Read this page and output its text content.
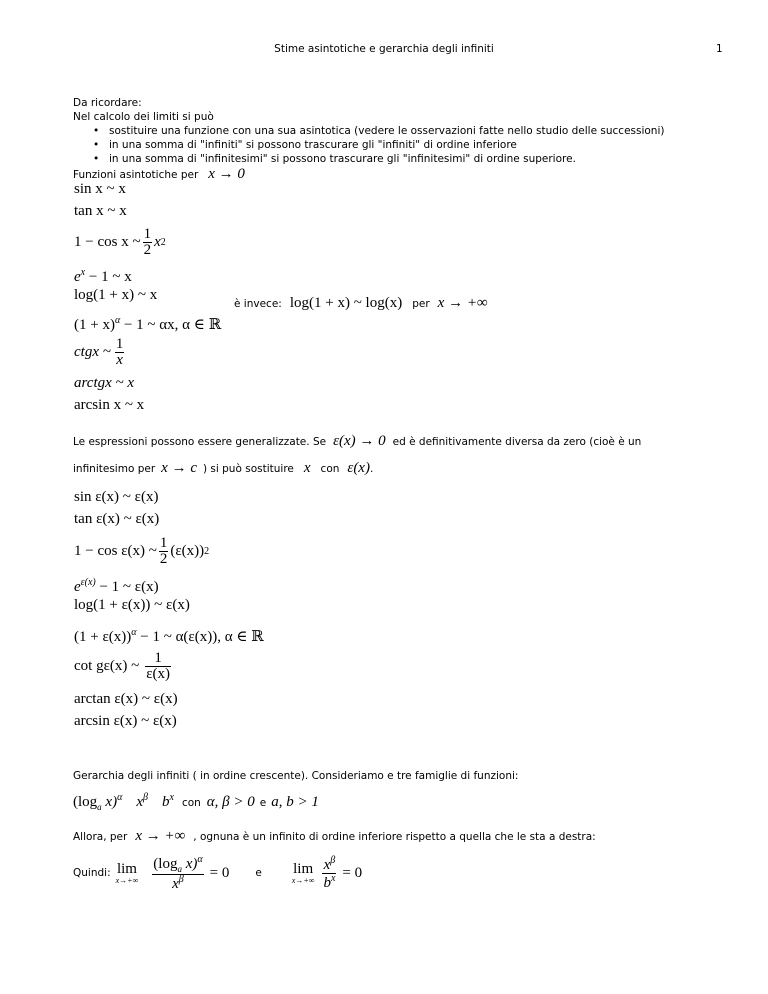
Stime asintotiche e gerarchia degli infiniti	1
Da ricordare:
Nel calcolo dei limiti si può
• sostituire una funzione con una sua asintotica (vedere le osservazioni fatte nello studio delle successioni)
• in una somma di "infiniti" si possono trascurare gli "infiniti" di ordine inferiore
• in una somma di "infinitesimi" si possono trascurare gli "infinitesimi" di ordine superiore.
Funzioni asintotiche per x → 0
sin x ~ x
tan x ~ x
1 − cos x ~ $\frac{1}{2}$ x 2
$e^x - 1$ ~ x
log(1 + x) ~ x
$(1 + x)^\alpha - 1$ ~ αx, α ∈ ℝ
ctgx ~ $\frac{1}{x}$
arctgx ~ x
arcsin x ~ x
è invece: log(1 + x) ~ log(x) per x → +∞
Le espressioni possono essere generalizzate. Se ε(x) → 0 ed è definitivamente diversa da zero (cioè è un
infinitesimo per x → c ) si può sostituire x con ε(x).
sin ε(x) ~ ε(x)
tan ε(x) ~ ε(x)
1 − cos ε(x) ~ $\frac{1}{2} (\varepsilon(x))$ 2
$e^{\varepsilon(x)} - 1$ ~ ε(x)
log(1 + ε(x)) ~ ε(x)
$(1 + \varepsilon(x))^\alpha - 1$ ~ α(ε(x)), α ∈ ℝ
cot gε(x) ~ $\frac{1}{\varepsilon(x)}$
arctan ε(x) ~ ε(x)
arcsin ε(x) ~ ε(x)
Gerarchia degli infiniti ( in ordine crescente). Consideriamo e tre famiglie di funzioni:
($\log_a$ x)$^\alpha$ $x^\beta$ $b^x$ con α, β > 0 e a, b > 1
Allora, per x → +∞ , ognuna è un infinito di ordine inferiore rispetto a quella che le sta a destra:
Quindi: lim
$x\to+\infty \frac{(\log_a x)^\alpha}{x^\beta} = 0$ e lim
$x\to+\infty \frac{x^\beta}{b^x} = 0$
